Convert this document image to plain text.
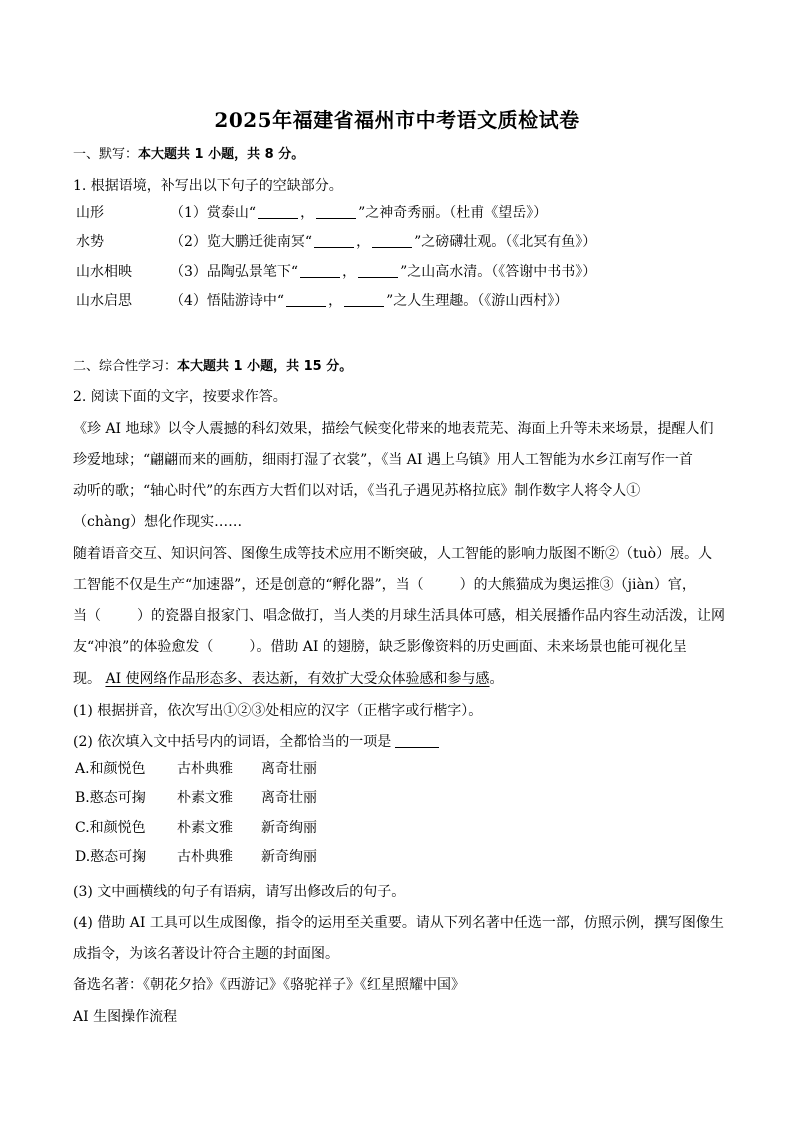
2025年福建省福州市中考语文质检试卷
一、默写：本大题共 1 小题，共 8 分。
1. 根据语境，补写出以下句子的空缺部分。
山形	（1）赏泰山“	，	”之神奇秀丽。（杜甫《望岳》）
水势	（2）览大鹏迁徙南冥“	，	”之磅礴壮观。（《北冥有鱼》）
山水相映	（3）品陶弘景笔下“	，	”之山高水清。（《答谢中书书》）
山水启思	（4）悟陆游诗中“	，	”之人生理趣。（《游山西村》）
二、综合性学习：本大题共 1 小题，共 15 分。
2. 阅读下面的文字，按要求作答。
《珍 AI 地球》以令人震撼的科幻效果，描绘气候变化带来的地表荒芜、海面上升等未来场景，提醒人们
珍爱地球；“翩翩而来的画舫，细雨打湿了衣裳”，《当 AI 遇上乌镇》用人工智能为水乡江南写作一首
动听的歌；“轴心时代”的东西方大哲们以对话，《当孔子遇见苏格拉底》制作数字人将令人①
（chàng）想化作现实……
随着语音交互、知识问答、图像生成等技术应用不断突破，人工智能的影响力版图不断②（tuò）展。人
工智能不仅是生产“加速器”，还是创意的“孵化器”，当（	）的大熊猫成为奥运推③（jiàn）官，
当（	）的瓷器自报家门、唱念做打，当人类的月球生活具体可感，相关展播作品内容生动活泼，让网
友“冲浪”的体验愈发（	）。借助 AI 的翅膀，缺乏影像资料的历史画面、未来场景也能可视化呈
现。 AI 使网络作品形态多、表达新，有效扩大受众体验感和参与感。
(1) 根据拼音，依次写出①②③处相应的汉字（正楷字或行楷字）。
(2) 依次填入文中括号内的词语，全都恰当的一项是
A.和颜悦色 古朴典雅 离奇壮丽
B.憨态可掬 朴素文雅 离奇壮丽
C.和颜悦色 朴素文雅 新奇绚丽
D.憨态可掬 古朴典雅 新奇绚丽
(3) 文中画横线的句子有语病，请写出修改后的句子。
(4) 借助 AI 工具可以生成图像，指令的运用至关重要。请从下列名著中任选一部，仿照示例，撰写图像生
成指令，为该名著设计符合主题的封面图。
备选名著：《朝花夕拾》《西游记》《骆驼祥子》《红星照耀中国》
AI 生图操作流程
